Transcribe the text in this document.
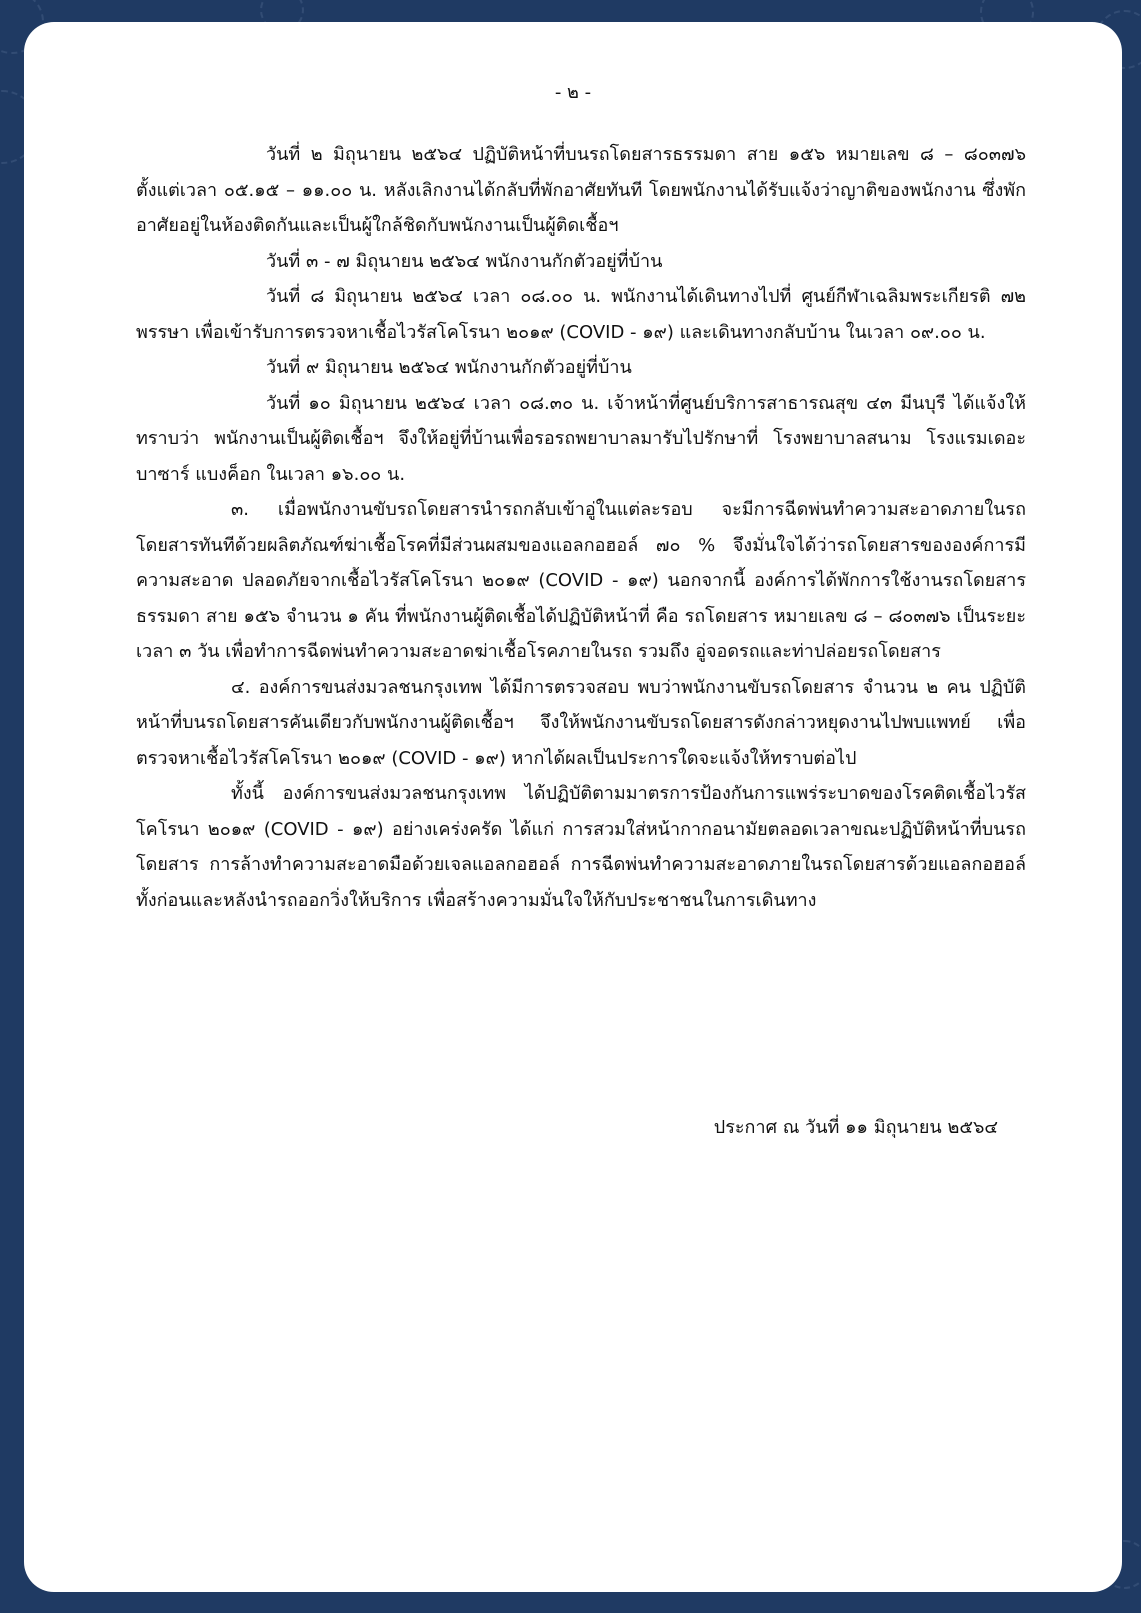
- ๒ -

วันที่ ๒ มิถุนายน ๒๕๖๔ ปฏิบัติหน้าที่บนรถโดยสารธรรมดา สาย ๑๕๖ หมายเลข ๘ – ๘๐๓๗๖ ตั้งแต่เวลา ๐๕.๑๕ – ๑๑.๐๐ น. หลังเลิกงานได้กลับที่พักอาศัยทันที โดยพนักงานได้รับแจ้งว่าญาติของพนักงาน ซึ่งพักอาศัยอยู่ในห้องติดกันและเป็นผู้ใกล้ชิดกับพนักงานเป็นผู้ติดเชื้อฯ

วันที่ ๓ - ๗ มิถุนายน ๒๕๖๔ พนักงานกักตัวอยู่ที่บ้าน

วันที่ ๘ มิถุนายน ๒๕๖๔ เวลา ๐๘.๐๐ น. พนักงานได้เดินทางไปที่ ศูนย์กีฬาเฉลิมพระเกียรติ ๗๒ พรรษา เพื่อเข้ารับการตรวจหาเชื้อไวรัสโคโรนา ๒๐๑๙ (COVID - ๑๙) และเดินทางกลับบ้าน ในเวลา ๐๙.๐๐ น.

วันที่ ๙ มิถุนายน ๒๕๖๔ พนักงานกักตัวอยู่ที่บ้าน

วันที่ ๑๐ มิถุนายน ๒๕๖๔ เวลา ๐๘.๓๐ น. เจ้าหน้าที่ศูนย์บริการสาธารณสุข ๔๓ มีนบุรี ได้แจ้งให้ทราบว่า พนักงานเป็นผู้ติดเชื้อฯ จึงให้อยู่ที่บ้านเพื่อรอรถพยาบาลมารับไปรักษาที่ โรงพยาบาลสนาม โรงแรมเดอะบาซาร์ แบงค็อก ในเวลา ๑๖.๐๐ น.

๓. เมื่อพนักงานขับรถโดยสารนำรถกลับเข้าอู่ในแต่ละรอบ จะมีการฉีดพ่นทำความสะอาดภายในรถโดยสารทันทีด้วยผลิตภัณฑ์ฆ่าเชื้อโรคที่มีส่วนผสมของแอลกอฮอล์ ๗๐ % จึงมั่นใจได้ว่ารถโดยสารขององค์การมีความสะอาด ปลอดภัยจากเชื้อไวรัสโคโรนา ๒๐๑๙ (COVID - ๑๙) นอกจากนี้ องค์การได้พักการใช้งานรถโดยสารธรรมดา สาย ๑๕๖ จำนวน ๑ คัน ที่พนักงานผู้ติดเชื้อได้ปฏิบัติหน้าที่ คือ รถโดยสาร หมายเลข ๘ – ๘๐๓๗๖ เป็นระยะเวลา ๓ วัน เพื่อทำการฉีดพ่นทำความสะอาดฆ่าเชื้อโรคภายในรถ รวมถึง อู่จอดรถและท่าปล่อยรถโดยสาร

๔. องค์การขนส่งมวลชนกรุงเทพ ได้มีการตรวจสอบ พบว่าพนักงานขับรถโดยสาร จำนวน ๒ คน ปฏิบัติหน้าที่บนรถโดยสารคันเดียวกับพนักงานผู้ติดเชื้อฯ จึงให้พนักงานขับรถโดยสารดังกล่าวหยุดงานไปพบแพทย์ เพื่อตรวจหาเชื้อไวรัสโคโรนา ๒๐๑๙ (COVID - ๑๙) หากได้ผลเป็นประการใดจะแจ้งให้ทราบต่อไป

ทั้งนี้ องค์การขนส่งมวลชนกรุงเทพ ได้ปฏิบัติตามมาตรการป้องกันการแพร่ระบาดของโรคติดเชื้อไวรัสโคโรนา ๒๐๑๙ (COVID - ๑๙) อย่างเคร่งครัด ได้แก่ การสวมใส่หน้ากากอนามัยตลอดเวลาขณะปฏิบัติหน้าที่บนรถโดยสาร การล้างทำความสะอาดมือด้วยเจลแอลกอฮอล์ การฉีดพ่นทำความสะอาดภายในรถโดยสารด้วยแอลกอฮอล์ ทั้งก่อนและหลังนำรถออกวิ่งให้บริการ เพื่อสร้างความมั่นใจให้กับประชาชนในการเดินทาง

ประกาศ ณ วันที่ ๑๑ มิถุนายน ๒๕๖๔
